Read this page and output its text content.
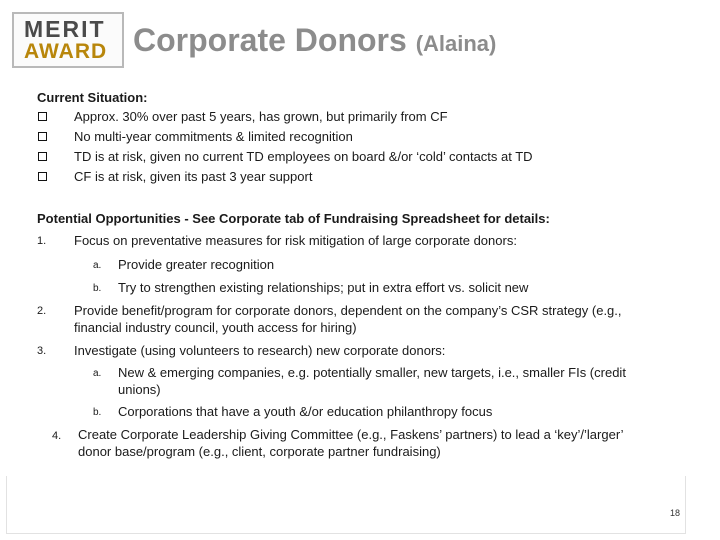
MERIT
AWARD Corporate Donors (Alaina)
Current Situation:
Approx. 30% over past 5 years, has grown, but primarily from CF
No multi-year commitments & limited recognition
TD is at risk, given no current TD employees on board &/or ‘cold’ contacts at TD
CF is at risk, given its past 3 year support
Potential Opportunities - See Corporate tab of Fundraising Spreadsheet for details:
1. Focus on preventative measures for risk mitigation of large corporate donors:
a. Provide greater recognition
b. Try to strengthen existing relationships; put in extra effort vs. solicit new
2. Provide benefit/program for corporate donors, dependent on the company’s CSR strategy (e.g.,
financial industry council, youth access for hiring)
3. Investigate (using volunteers to research) new corporate donors:
a. New & emerging companies, e.g. potentially smaller, new targets, i.e., smaller FIs (credit
unions)
b. Corporations that have a youth &/or education philanthropy focus
4. Create Corporate Leadership Giving Committee (e.g., Faskens’ partners) to lead a ‘key’/’larger’
donor base/program (e.g., client, corporate partner fundraising)
18
